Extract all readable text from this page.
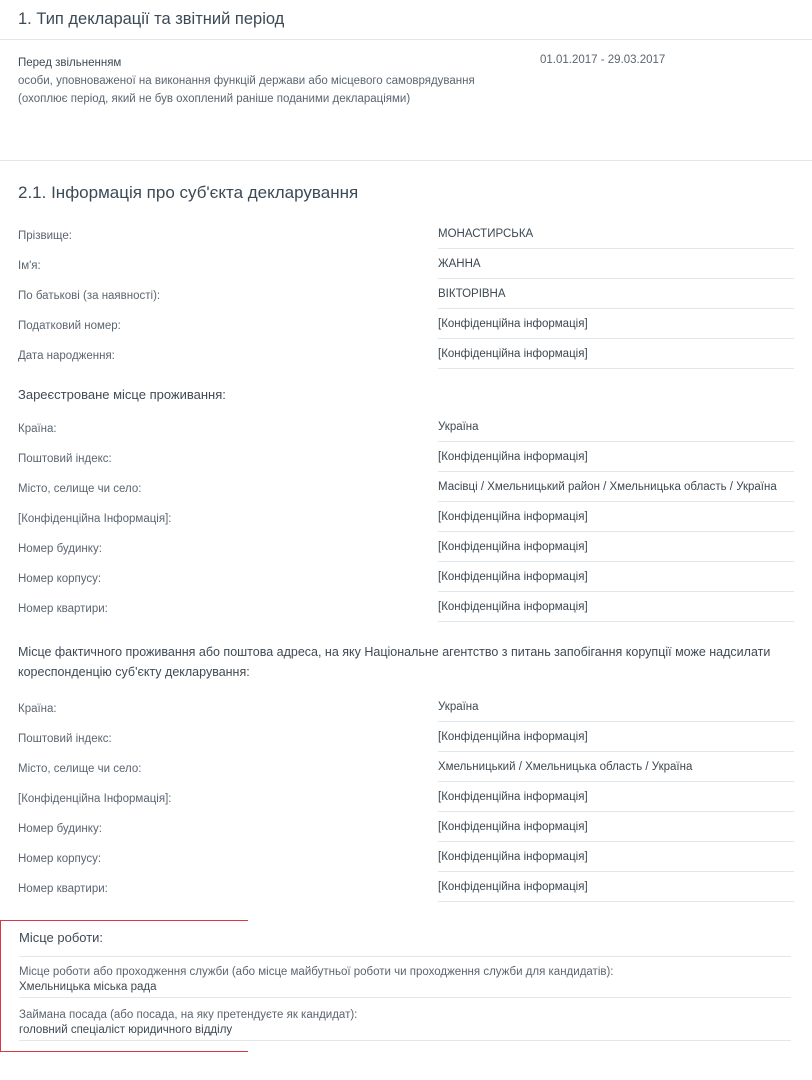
1. Тип декларації та звітний період
Перед звільненням
особи, уповноваженої на виконання функцій держави або місцевого самоврядування
(охоплює період, який не був охоплений раніше поданими деклараціями)
01.01.2017 - 29.03.2017
2.1. Інформація про суб'єкта декларування
Прізвище:	МОНАСТИРСЬКА
Ім'я:	ЖАННА
По батькові (за наявності):	ВІКТОРІВНА
Податковий номер:	[Конфіденційна інформація]
Дата народження:	[Конфіденційна інформація]
Зареєстроване місце проживання:
Країна:	Україна
Поштовий індекс:	[Конфіденційна інформація]
Місто, селище чи село:	Масівці / Хмельницький район / Хмельницька область / Україна
[Конфіденційна Інформація]:	[Конфіденційна інформація]
Номер будинку:	[Конфіденційна інформація]
Номер корпусу:	[Конфіденційна інформація]
Номер квартири:	[Конфіденційна інформація]
Місце фактичного проживання або поштова адреса, на яку Національне агентство з питань запобігання корупції може надсилати кореспонденцію суб'єкту декларування:
Країна:	Україна
Поштовий індекс:	[Конфіденційна інформація]
Місто, селище чи село:	Хмельницький / Хмельницька область / Україна
[Конфіденційна Інформація]:	[Конфіденційна інформація]
Номер будинку:	[Конфіденційна інформація]
Номер корпусу:	[Конфіденційна інформація]
Номер квартири:	[Конфіденційна інформація]
Місце роботи:
Місце роботи або проходження служби (або місце майбутньої роботи чи проходження служби для кандидатів):
Хмельницька міська рада
Займана посада (або посада, на яку претендуєте як кандидат):
головний спеціаліст юридичного відділу
